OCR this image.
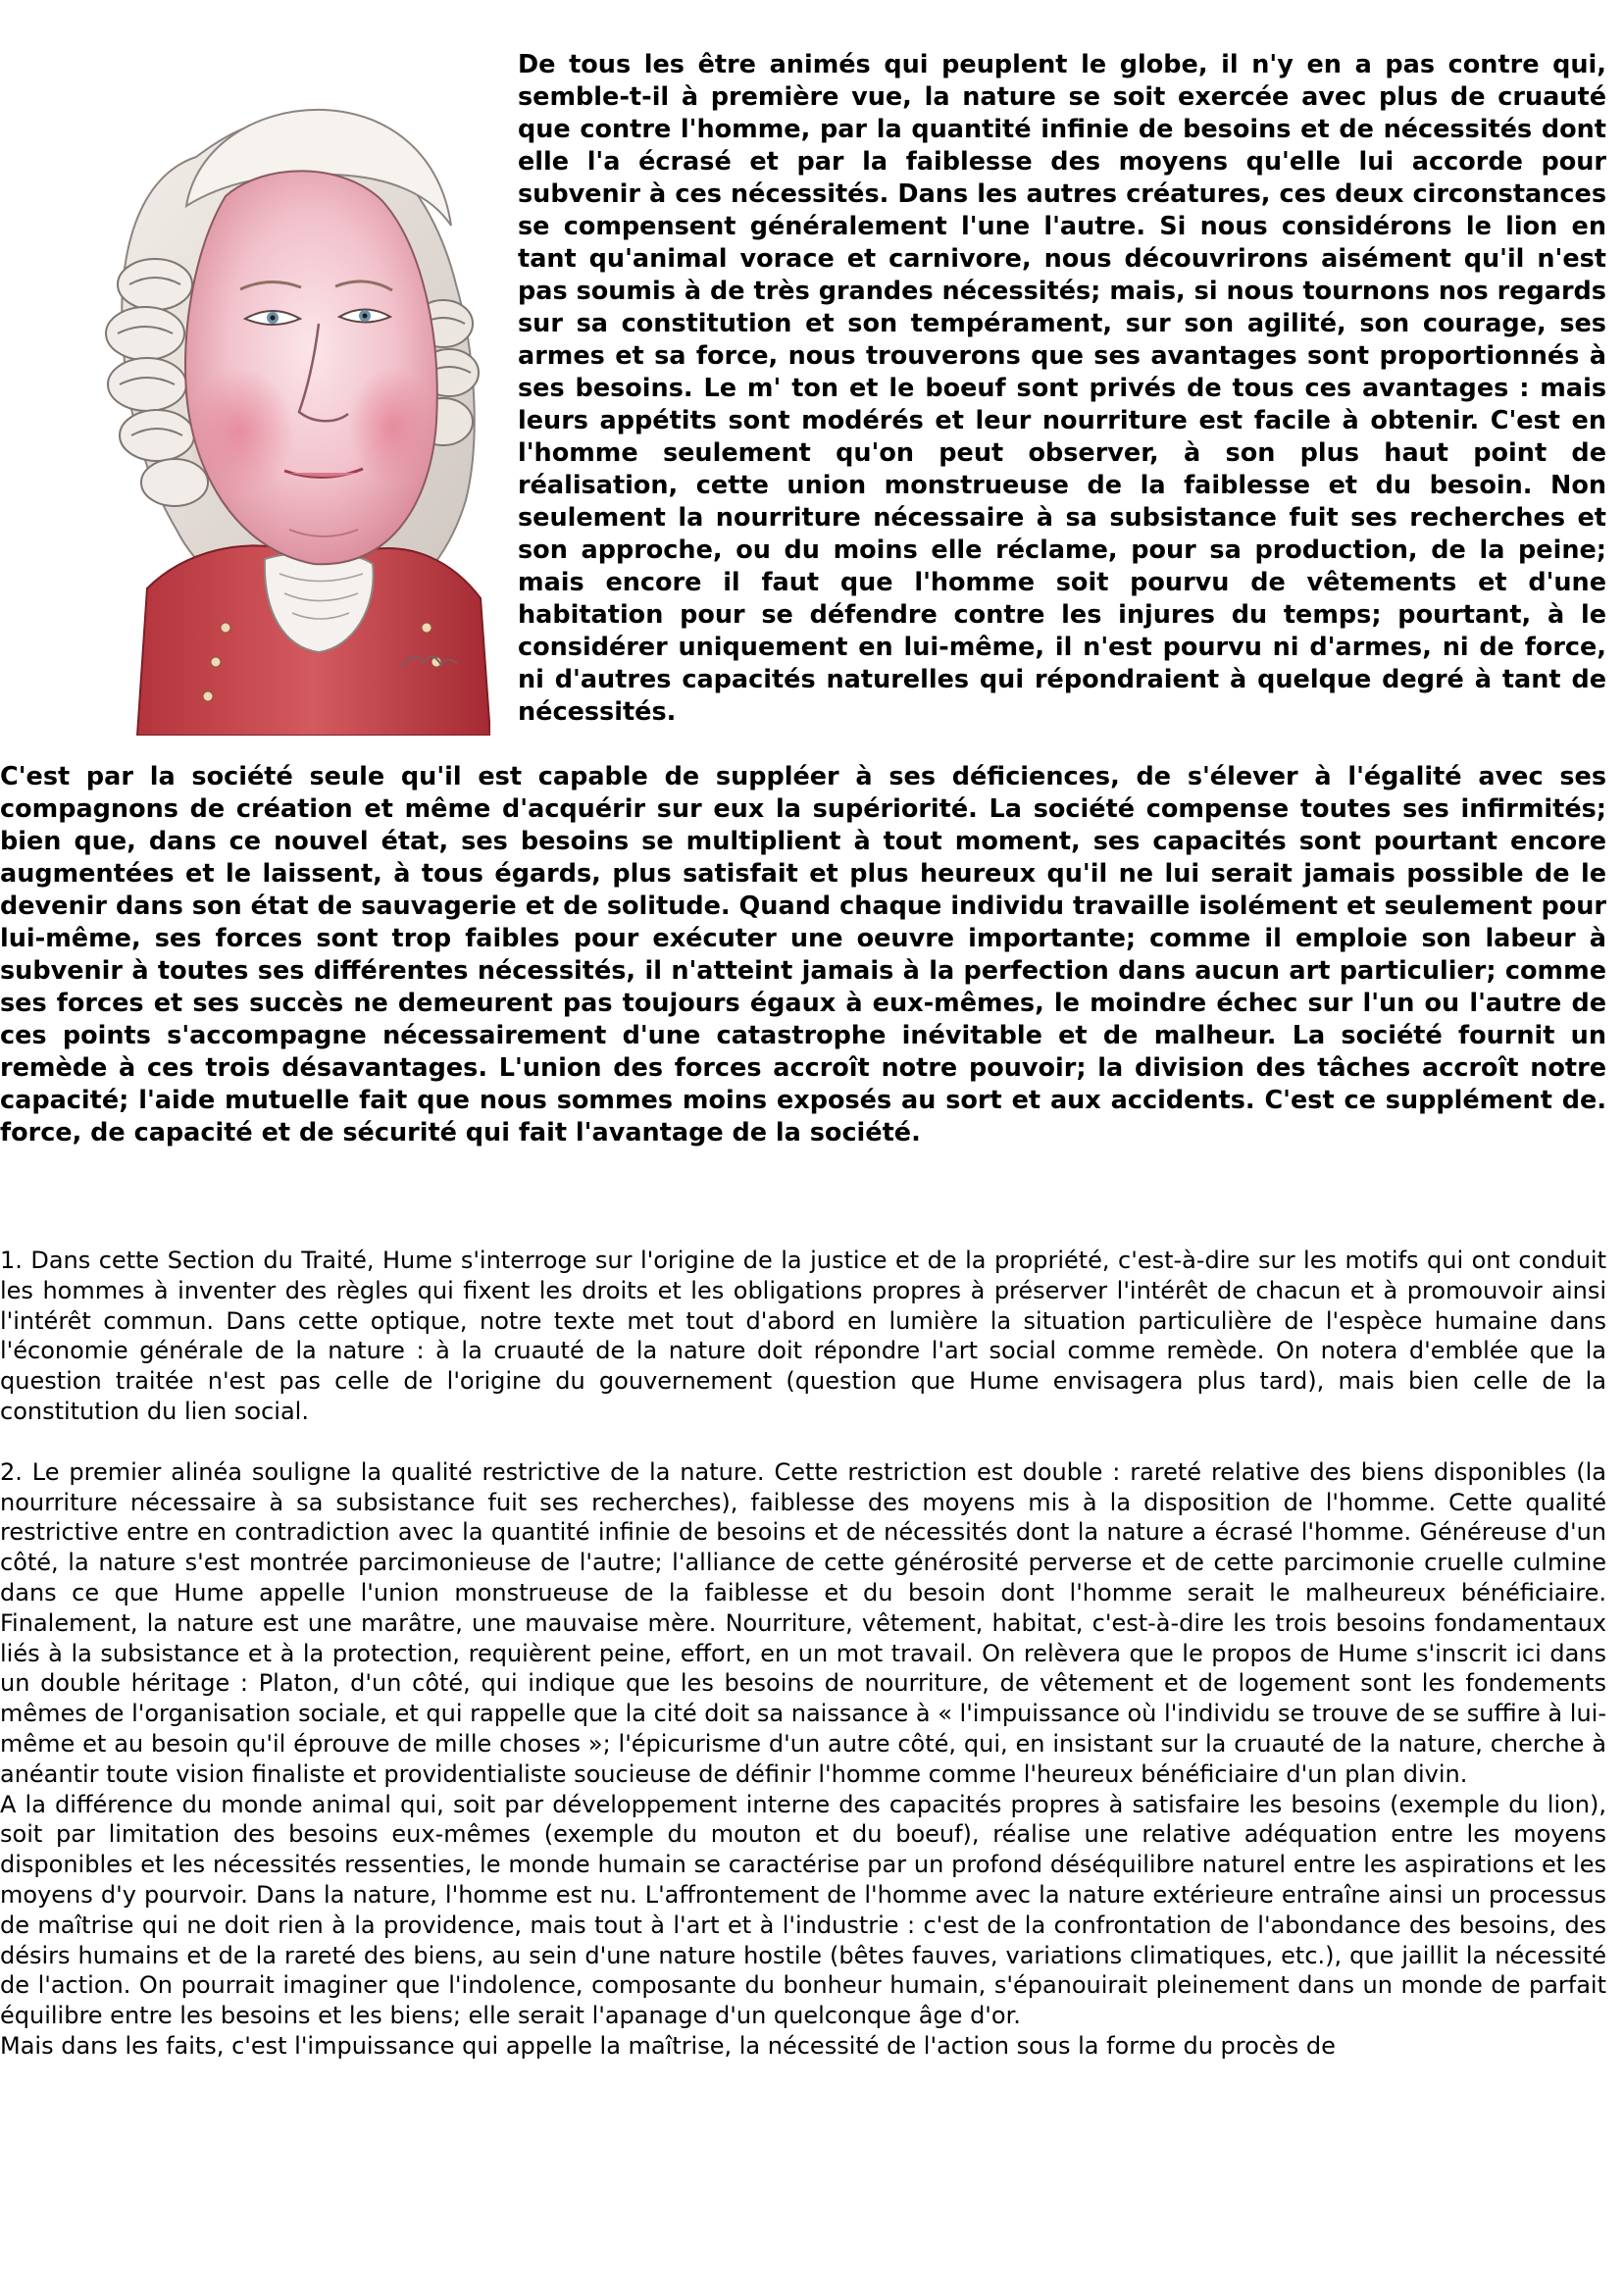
De tous les être animés qui peuplent le globe, il n'y en a pas contre qui, semble-t-il à première vue, la nature se soit exercée avec plus de cruauté que contre l'homme, par la quantité infinie de besoins et de nécessités dont elle l'a écrasé et par la faiblesse des moyens qu'elle lui accorde pour subvenir à ces nécessités. Dans les autres créatures, ces deux circonstances se compensent généralement l'une l'autre. Si nous considérons le lion en tant qu'animal vorace et carnivore, nous découvrirons aisément qu'il n'est pas soumis à de très grandes nécessités; mais, si nous tournons nos regards sur sa constitution et son tempérament, sur son agilité, son courage, ses armes et sa force, nous trouverons que ses avantages sont proportionnés à ses besoins. Le m' ton et le boeuf sont privés de tous ces avantages : mais leurs appétits sont modérés et leur nourriture est facile à obtenir. C'est en l'homme seulement qu'on peut observer, à son plus haut point de réalisation, cette union monstrueuse de la faiblesse et du besoin. Non seulement la nourriture nécessaire à sa subsistance fuit ses recherches et son approche, ou du moins elle réclame, pour sa production, de la peine; mais encore il faut que l'homme soit pourvu de vêtements et d'une habitation pour se défendre contre les injures du temps; pourtant, à le considérer uniquement en lui-même, il n'est pourvu ni d'armes, ni de force, ni d'autres capacités naturelles qui répondraient à quelque degré à tant de nécessités.
C'est par la société seule qu'il est capable de suppléer à ses déficiences, de s'élever à l'égalité avec ses compagnons de création et même d'acquérir sur eux la supériorité. La société compense toutes ses infirmités; bien que, dans ce nouvel état, ses besoins se multiplient à tout moment, ses capacités sont pourtant encore augmentées et le laissent, à tous égards, plus satisfait et plus heureux qu'il ne lui serait jamais possible de le devenir dans son état de sauvagerie et de solitude. Quand chaque individu travaille isolément et seulement pour lui-même, ses forces sont trop faibles pour exécuter une oeuvre importante; comme il emploie son labeur à subvenir à toutes ses différentes nécessités, il n'atteint jamais à la perfection dans aucun art particulier; comme ses forces et ses succès ne demeurent pas toujours égaux à eux-mêmes, le moindre échec sur l'un ou l'autre de ces points s'accompagne nécessairement d'une catastrophe inévitable et de malheur. La société fournit un remède à ces trois désavantages. L'union des forces accroît notre pouvoir; la division des tâches accroît notre capacité; l'aide mutuelle fait que nous sommes moins exposés au sort et aux accidents. C'est ce supplément de. force, de capacité et de sécurité qui fait l'avantage de la société.

1. Dans cette Section du Traité, Hume s'interroge sur l'origine de la justice et de la propriété, c'est-à-dire sur les motifs qui ont conduit les hommes à inventer des règles qui fixent les droits et les obligations propres à préserver l'intérêt de chacun et à promouvoir ainsi l'intérêt commun. Dans cette optique, notre texte met tout d'abord en lumière la situation particulière de l'espèce humaine dans l'économie générale de la nature : à la cruauté de la nature doit répondre l'art social comme remède. On notera d'emblée que la question traitée n'est pas celle de l'origine du gouvernement (question que Hume envisagera plus tard), mais bien celle de la constitution du lien social.

2. Le premier alinéa souligne la qualité restrictive de la nature. Cette restriction est double : rareté relative des biens disponibles (la nourriture nécessaire à sa subsistance fuit ses recherches), faiblesse des moyens mis à la disposition de l'homme. Cette qualité restrictive entre en contradiction avec la quantité infinie de besoins et de nécessités dont la nature a écrasé l'homme. Généreuse d'un côté, la nature s'est montrée parcimonieuse de l'autre; l'alliance de cette générosité perverse et de cette parcimonie cruelle culmine dans ce que Hume appelle l'union monstrueuse de la faiblesse et du besoin dont l'homme serait le malheureux bénéficiaire. Finalement, la nature est une marâtre, une mauvaise mère. Nourriture, vêtement, habitat, c'est-à-dire les trois besoins fondamentaux liés à la subsistance et à la protection, requièrent peine, effort, en un mot travail. On relèvera que le propos de Hume s'inscrit ici dans un double héritage : Platon, d'un côté, qui indique que les besoins de nourriture, de vêtement et de logement sont les fondements mêmes de l'organisation sociale, et qui rappelle que la cité doit sa naissance à « l'impuissance où l'individu se trouve de se suffire à lui-même et au besoin qu'il éprouve de mille choses »; l'épicurisme d'un autre côté, qui, en insistant sur la cruauté de la nature, cherche à anéantir toute vision finaliste et providentialiste soucieuse de définir l'homme comme l'heureux bénéficiaire d'un plan divin.

A la différence du monde animal qui, soit par développement interne des capacités propres à satisfaire les besoins (exemple du lion), soit par limitation des besoins eux-mêmes (exemple du mouton et du boeuf), réalise une relative adéquation entre les moyens disponibles et les nécessités ressenties, le monde humain se caractérise par un profond déséquilibre naturel entre les aspirations et les moyens d'y pourvoir. Dans la nature, l'homme est nu. L'affrontement de l'homme avec la nature extérieure entraîne ainsi un processus de maîtrise qui ne doit rien à la providence, mais tout à l'art et à l'industrie : c'est de la confrontation de l'abondance des besoins, des désirs humains et de la rareté des biens, au sein d'une nature hostile (bêtes fauves, variations climatiques, etc.), que jaillit la nécessité de l'action. On pourrait imaginer que l'indolence, composante du bonheur humain, s'épanouirait pleinement dans un monde de parfait équilibre entre les besoins et les biens; elle serait l'apanage d'un quelconque âge d'or.

Mais dans les faits, c'est l'impuissance qui appelle la maîtrise, la nécessité de l'action sous la forme du procès de
